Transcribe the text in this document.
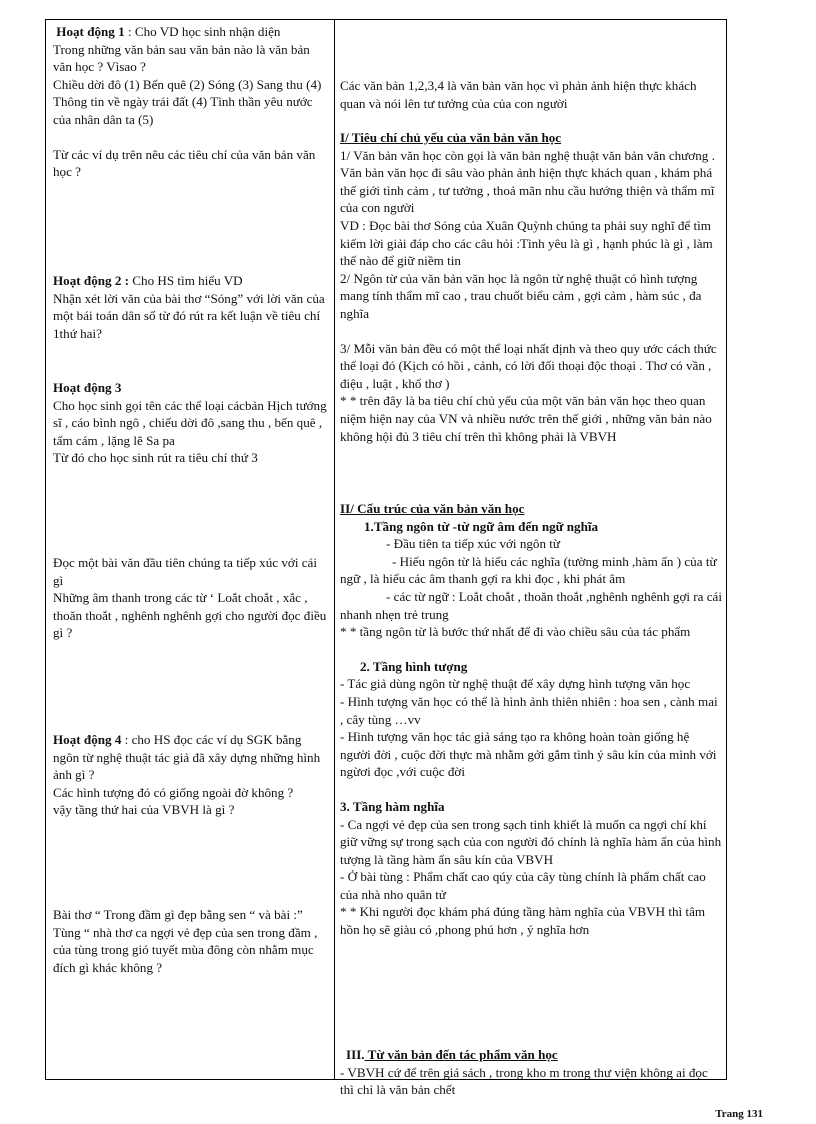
Hoạt động 1 : Cho VD học sinh nhận diện

Trong những văn bản sau văn bản nào là văn bản văn học ? Vìsao ?

Chiều dời đô (1) Bến quê (2) Sóng (3) Sang thu (4) Thông tin về ngày trái đất (4) Tình thần yêu nước của nhân dân ta (5)

Từ các ví dụ trên nêu các tiêu chí của văn bản văn học ?

Hoạt động 2 : Cho HS tìm hiểu VD

Nhận xét lời văn của bài thơ “Sóng” với lời văn của một bái toán dân số từ đó rút ra kết luận về tiêu chí 1thứ hai?

Hoạt động 3

Cho học sinh gọi tên các thể loại cácbản Hịch tướng sĩ , cáo bình ngô , chiếu dời đô ,sang thu , bến quê , tấm cám , lặng lẽ Sa pa

Từ đó cho học sinh rút ra tiêu chí thứ 3

Đọc một bài văn đầu tiên chúng ta tiếp xúc với cái gì

Những âm thanh trong các từ ‘ Loắt choắt , xắc , thoăn thoắt , nghênh nghênh gợi cho người đọc điều gì ?

Hoạt động 4 : cho HS đọc các ví dụ SGK bằng ngôn từ nghệ thuật tác giả đã xây dựng những hình ảnh gì ?

Các hình tượng đó có giống ngoài đờ không ?

vậy tầng thứ hai của VBVH là gì ?

Bài thơ “ Trong đầm gì đẹp bằng sen “ và bài :” Tùng “ nhà thơ ca ngợi vẻ đẹp của sen trong đầm , của tùng trong gió tuyết mùa đông còn nhằm mục đích gì khác không ?

Các văn bản 1,2,3,4 là văn bản văn học vì phản ảnh hiện thực khách quan và nói lên tư tưởng của của con người

I/ Tiêu chí chủ yếu của văn bản văn học

1/ Văn bản văn học còn gọi là văn bản nghệ thuật văn bản văn chương . Văn bản văn học đi sâu vào phản ảnh hiện thực khách quan , khám phá thế giới tình cảm , tư tưởng , thoả mãn nhu cầu hướng thiện và thẩm mĩ của con người

VD : Đọc bài thơ Sóng của Xuân Quỳnh chúng ta phải suy nghĩ để tìm kiếm lời giải đáp cho các câu hỏi :Tình yêu là gì , hạnh phúc là gì , làm thế nào để giữ niềm tin

2/ Ngôn từ của văn bản văn học là ngôn từ nghệ thuật có hình tượng mang tính thẩm mĩ cao , trau chuốt biểu cảm , gợi cảm , hàm súc , đa nghĩa

3/ Mỗi văn bản đều có một thể loại nhất định và theo quy ước cách thức thể loại đó (Kịch có hồi , cảnh, có lời đối thoại độc thoại . Thơ có vần , điệu , luật , khổ thơ )

* * trên đây là ba tiêu chí chủ yếu của một văn bản văn học theo quan niệm hiện nay của VN và nhiều nước trên thế giới , những văn bản nào không hội đủ 3 tiêu chí trên thì không phải là VBVH

II/ Cấu trúc của văn bản văn học

1.Tầng ngôn từ -từ ngữ âm đến ngữ nghĩa

- Đầu tiên ta tiếp xúc với ngôn từ

- Hiểu ngôn từ là hiểu các nghĩa (tường minh ,hàm ẩn ) của từ ngữ , là hiểu các âm thanh gợi ra khi đọc , khi phát âm

- các từ ngữ : Loắt choắt , thoăn thoắt ,nghênh nghênh gợi ra cái nhanh nhẹn trẻ trung

* * tầng ngôn từ là bước thứ nhất để đi vào chiều sâu của tác phẩm

2. Tầng hình tượng

- Tác giả dùng ngôn từ nghệ thuật để xây dựng hình tượng văn học

- Hình tượng văn học có thể là hình ảnh thiên nhiên : hoa sen , cành mai , cây tùng …vv

- Hình tượng văn học tác giả sáng tạo ra không hoàn toàn giống hệ người đời , cuộc đời thực mà nhằm gởi gắm tình ý sâu kín của mình với ngừơi đọc ,với cuộc đời

3. Tầng hàm nghĩa

- Ca ngợi vẻ đẹp của sen trong sạch tinh khiết là muốn ca ngợi chí khí giữ vững sự trong sạch của con người đó chính là nghĩa hàm ẩn của hình tượng là tầng hàm ẩn sâu kín của VBVH

- Ở bài tùng : Phẩm chất cao qúy của cây tùng chính là phẩm chất cao của nhà nho quân tử

* * Khi người đọc khám phá đúng tầng hàm nghĩa của VBVH thì tâm hồn họ sẽ giàu có ,phong phú hơn , ý nghĩa hơn

III. Từ văn bản đến tác phẩm văn học

- VBVH cứ để trên giá sách , trong kho m trong thư viện không ai đọc thì chỉ là văn bản chết

Trang 131
